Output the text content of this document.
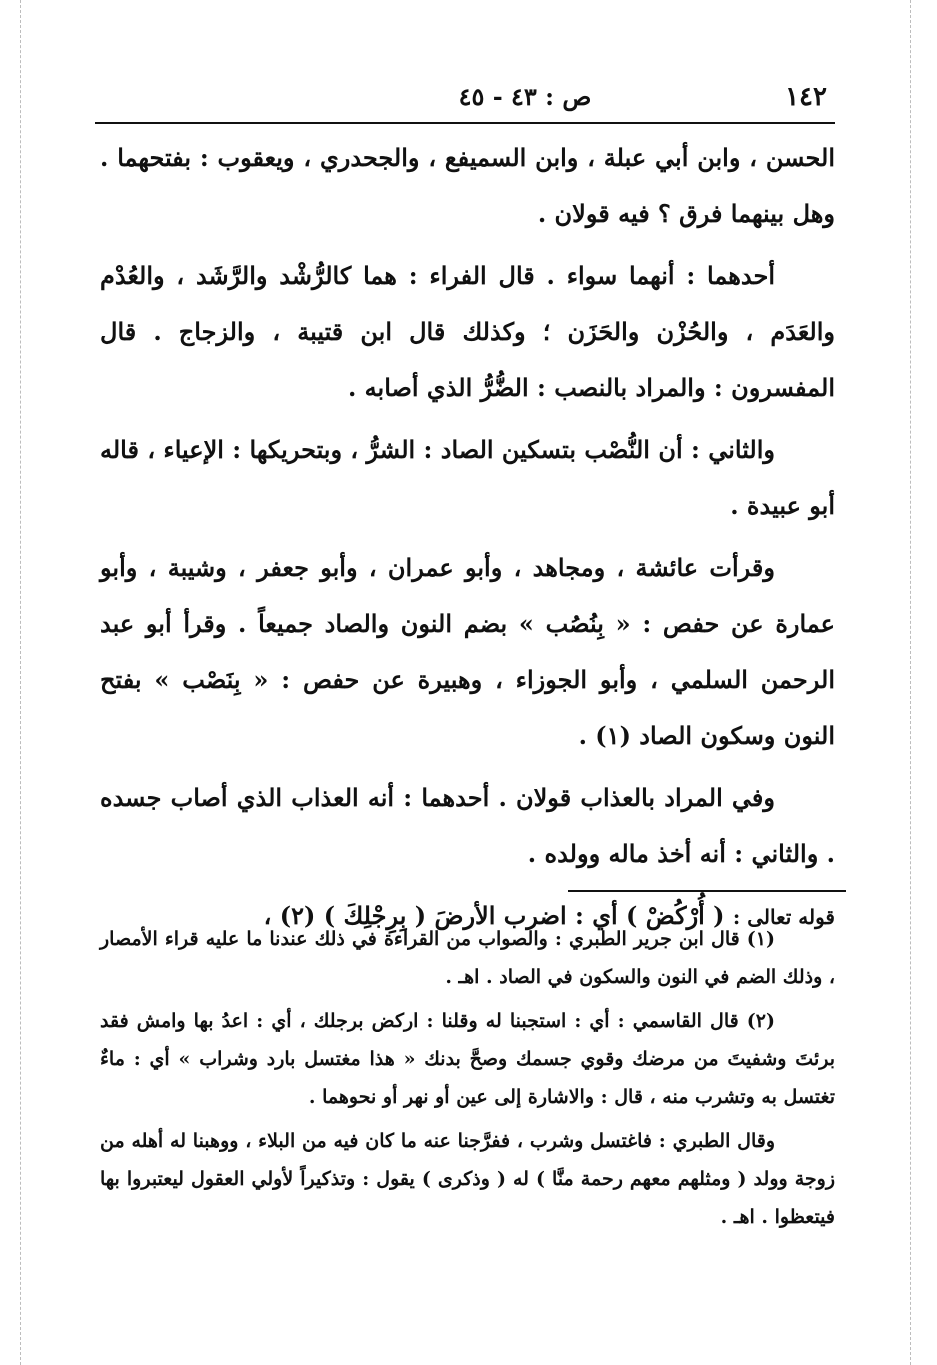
١٤٢
ص : ٤٣ - ٤٥

الحسن ، وابن أبي عبلة ، وابن السميفع ، والجحدري ، ويعقوب : بفتحهما . وهل بينهما فرق ؟ فيه قولان .

أحدهما : أنهما سواء . قال الفراء : هما كالرُّشْد والرَّشَد ، والعُدْم والعَدَم ، والحُزْن والحَزَن ؛ وكذلك قال ابن قتيبة ، والزجاج . قال المفسرون : والمراد بالنصب : الضُّرُّ الذي أصابه .

والثاني : أن النُّصْب بتسكين الصاد : الشرُّ ، وبتحريكها : الإعياء ، قاله أبو عبيدة .

وقرأت عائشة ، ومجاهد ، وأبو عمران ، وأبو جعفر ، وشيبة ، وأبو عمارة عن حفص : « بِنُصُب » بضم النون والصاد جميعاً . وقرأ أبو عبد الرحمن السلمي ، وأبو الجوزاء ، وهبيرة عن حفص : « بِنَصْب » بفتح النون وسكون الصاد (١) .

وفي المراد بالعذاب قولان . أحدهما : أنه العذاب الذي أصاب جسده . والثاني : أنه أخذ ماله وولده .

قوله تعالى : ( أُرْكُضْ ) أي : اضرب الأرضَ ( بِرِجْلِكَ ) (٢) ،

(١) قال ابن جرير الطبري : والصواب من القراءة في ذلك عندنا ما عليه قراء الأمصار ، وذلك الضم في النون والسكون في الصاد . اهـ .

(٢) قال القاسمي : أي : استجبنا له وقلنا : اركض برجلك ، أي : اعدُ بها وامش فقد برئتَ وشفيتَ من مرضك وقوي جسمك وصحَّ بدنك « هذا مغتسل بارد وشراب » أي : ماءٌ تغتسل به وتشرب منه ، قال : والاشارة إلى عين أو نهر أو نحوهما .

وقال الطبري : فاغتسل وشرب ، ففرَّجنا عنه ما كان فيه من البلاء ، ووهبنا له أهله من زوجة وولد ( ومثلهم معهم رحمة منَّا ) له ( وذكرى ) يقول : وتذكيراً لأولي العقول ليعتبروا بها فيتعظوا . اهـ .
